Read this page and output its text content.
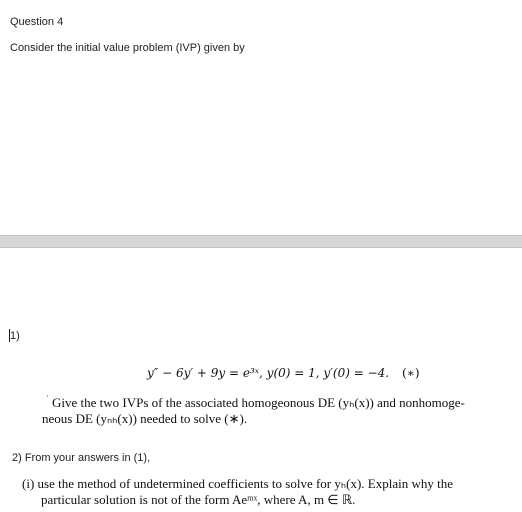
Question 4
Consider the initial value problem (IVP) given by
1)
y″ − 6y′ + 9y = e³ˣ, y(0) = 1, y′(0) = −4. (∗)
‘ Give the two IVPs of the associated homogeonous DE (yₕ(x)) and nonhomoge-
neous DE (yₙₕ(x)) needed to solve (∗).
2) From your answers in (1),
(i) use the method of undetermined coefficients to solve for yₕ(x). Explain why the
particular solution is not of the form Aeᵐˣ, where A, m ∈ ℝ.
